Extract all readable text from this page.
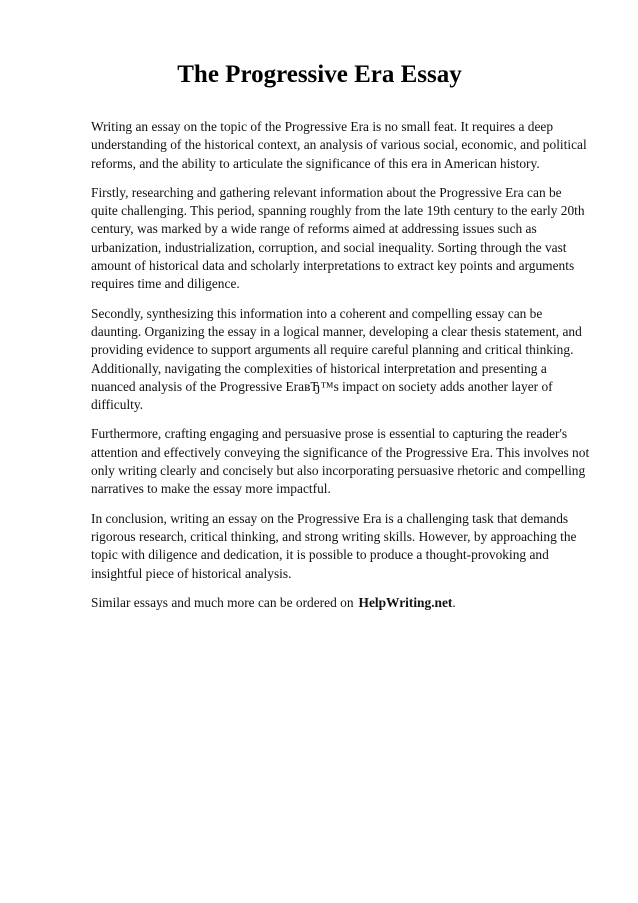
The Progressive Era Essay

Writing an essay on the topic of the Progressive Era is no small feat. It requires a deep understanding of the historical context, an analysis of various social, economic, and political reforms, and the ability to articulate the significance of this era in American history.

Firstly, researching and gathering relevant information about the Progressive Era can be quite challenging. This period, spanning roughly from the late 19th century to the early 20th century, was marked by a wide range of reforms aimed at addressing issues such as urbanization, industrialization, corruption, and social inequality. Sorting through the vast amount of historical data and scholarly interpretations to extract key points and arguments requires time and diligence.

Secondly, synthesizing this information into a coherent and compelling essay can be daunting. Organizing the essay in a logical manner, developing a clear thesis statement, and providing evidence to support arguments all require careful planning and critical thinking. Additionally, navigating the complexities of historical interpretation and presenting a nuanced analysis of the Progressive EraвЂ™s impact on society adds another layer of difficulty.

Furthermore, crafting engaging and persuasive prose is essential to capturing the reader's attention and effectively conveying the significance of the Progressive Era. This involves not only writing clearly and concisely but also incorporating persuasive rhetoric and compelling narratives to make the essay more impactful.

In conclusion, writing an essay on the Progressive Era is a challenging task that demands rigorous research, critical thinking, and strong writing skills. However, by approaching the topic with diligence and dedication, it is possible to produce a thought-provoking and insightful piece of historical analysis.

Similar essays and much more can be ordered on HelpWriting.net.
